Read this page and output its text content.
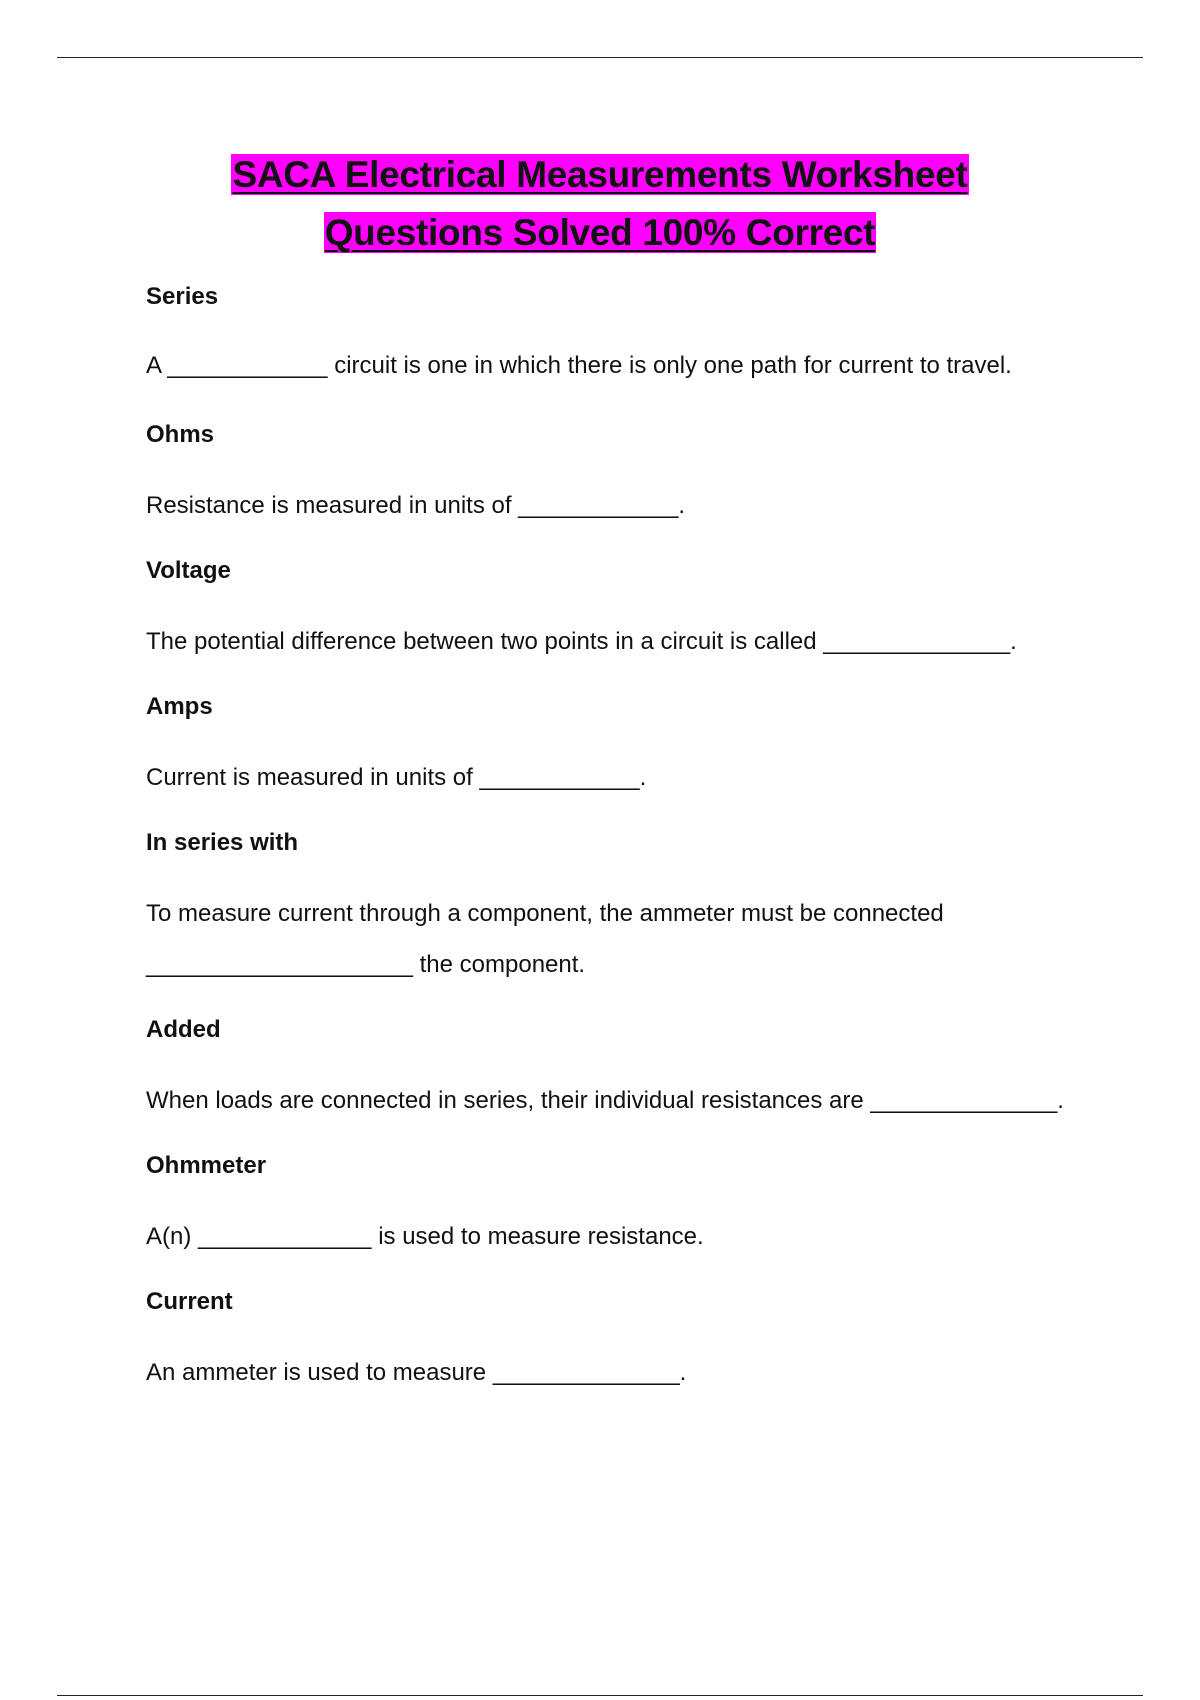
SACA Electrical Measurements Worksheet
Questions Solved 100% Correct

Series

A ____________ circuit is one in which there is only one path for current to travel.

Ohms

Resistance is measured in units of ____________.

Voltage

The potential difference between two points in a circuit is called ______________.

Amps

Current is measured in units of ____________.

In series with

To measure current through a component, the ammeter must be connected ____________________ the component.

Added

When loads are connected in series, their individual resistances are ______________.

Ohmmeter

A(n) _____________ is used to measure resistance.

Current

An ammeter is used to measure ______________.
